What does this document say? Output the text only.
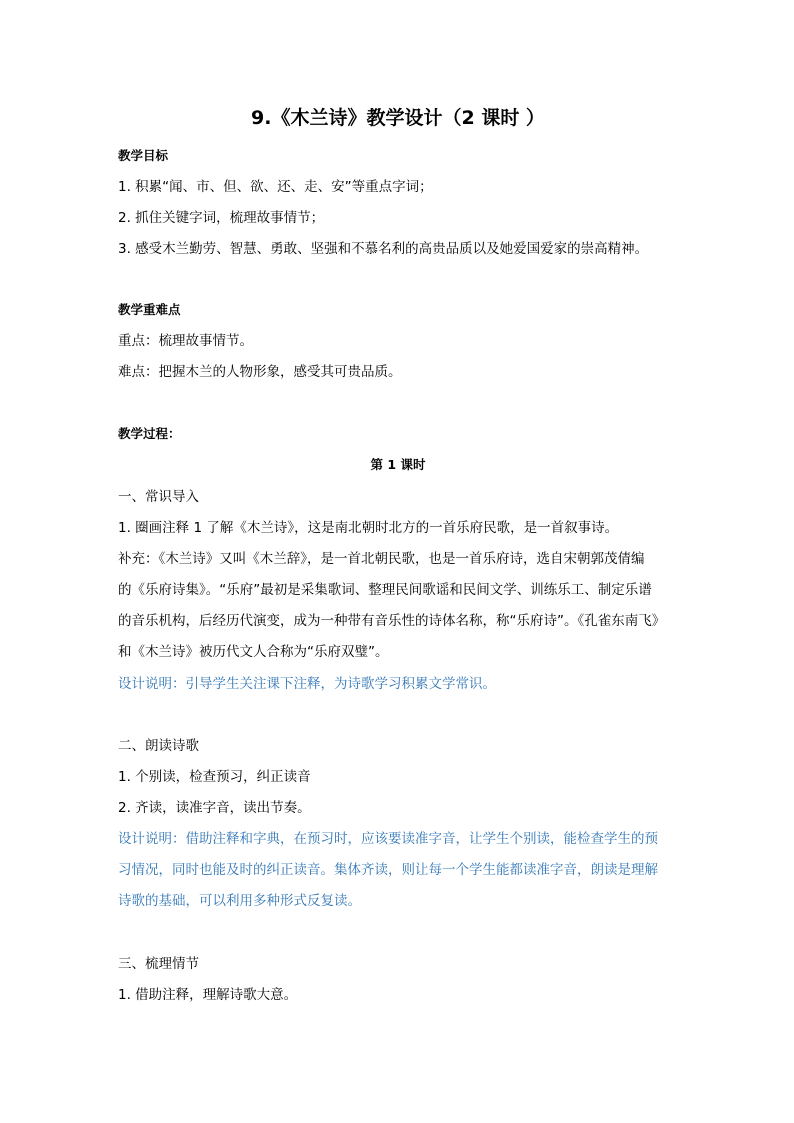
9.《木兰诗》教学设计（2 课时 ）
教学目标
1. 积累“闻、市、但、欲、还、走、安”等重点字词；
2. 抓住关键字词，梳理故事情节；
3. 感受木兰勤劳、智慧、勇敢、坚强和不慕名利的高贵品质以及她爱国爱家的崇高精神。
教学重难点
重点：梳理故事情节。
难点：把握木兰的人物形象，感受其可贵品质。
教学过程：
第 1 课时
一、常识导入
1. 圈画注释 1 了解《木兰诗》，这是南北朝时北方的一首乐府民歌，是一首叙事诗。
补充：《木兰诗》又叫《木兰辞》，是一首北朝民歌，也是一首乐府诗，选自宋朝郭茂倩编
的《乐府诗集》。“乐府”最初是采集歌词、整理民间歌谣和民间文学、训练乐工、制定乐谱
的音乐机构，后经历代演变，成为一种带有音乐性的诗体名称，称“乐府诗”。《孔雀东南飞》
和《木兰诗》被历代文人合称为“乐府双璧”。
设计说明：引导学生关注课下注释，为诗歌学习积累文学常识。
二、朗读诗歌
1. 个别读，检查预习，纠正读音
2. 齐读，读准字音，读出节奏。
设计说明：借助注释和字典，在预习时，应该要读准字音，让学生个别读，能检查学生的预
习情况，同时也能及时的纠正读音。集体齐读，则让每一个学生能都读准字音，朗读是理解
诗歌的基础，可以利用多种形式反复读。
三、梳理情节
1. 借助注释，理解诗歌大意。
